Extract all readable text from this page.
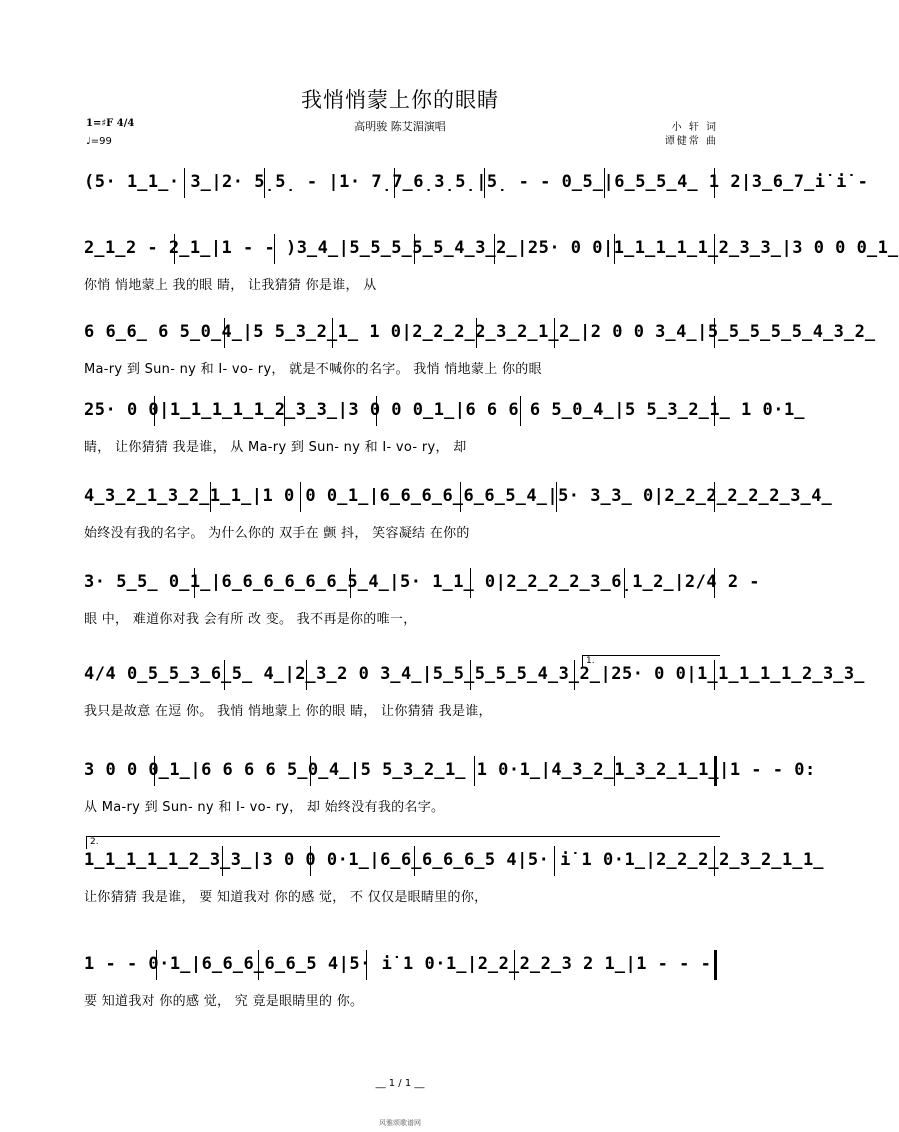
我悄悄蒙上你的眼睛
高明骏 陈艾湄演唱
1=♯F 4/4
♩=99
小 轩 词
谭健常 曲
(5· 1̲1̲· 3̲|2· 5̣5̣ - |1· 7̣7̲6̣3̣5̣|5̣ - - 0̲5̲|6̲5̲5̲4̲ 1 2|3̲6̲7̲i̇ i̇ -
2̲1̲2 - 2̲1̲|1 - - )3̲4̲|5̲5̲5̲5̲5̲4̲3̲2̲|25· 0 0|1̲1̲1̲1̲1̲2̲3̲3̲|3 0 0 0̲1̲
你悄 悄地蒙上 我的眼 睛， 让我猜猜 你是谁， 从
6 6̲6̲ 6 5̲0̲4̲|5 5̲3̲2̲1̲ 1 0|2̲2̲2̲2̲3̲2̲1̲2̲|2 0 0 3̲4̲|5̲5̲5̲5̲5̲4̲3̲2̲
Ma-ry 到 Sun- ny 和 I- vo- ry， 就是不喊你的名字。 我悄 悄地蒙上 你的眼
25· 0 0|1̲1̲1̲1̲1̲2̲3̲3̲|3 0 0 0̲1̲|6 6 6 6 5̲0̲4̲|5 5̲3̲2̲1̲ 1 0·1̲
睛， 让你猜猜 我是谁， 从 Ma-ry 到 Sun- ny 和 I- vo- ry， 却
4̲3̲2̲1̲3̲2̲1̲1̲|1 0 0 0̲1̲|6̲6̲6̲6̲6̲6̲5̲4̲|5· 3̲3̲ 0|2̲2̲2̲2̲2̲2̲3̲4̲
始终没有我的名字。 为什么你的 双手在 颤 抖， 笑容凝结 在你的
3· 5̲5̲ 0̲1̲|6̲6̲6̲6̲6̲6̲5̲4̲|5· 1̲1̲ 0|2̲2̲2̲2̲3̲6̣1̲2̲|2/4 2 -
眼 中， 难道你对我 会有所 改 变。 我不再是你的唯一，
4/4 0̲5̲5̲3̲6̲5̲ 4̲|2̲3̲2 0 3̲4̲|5̲5̲5̲5̲5̲4̲3̲2̲|25· 0 0|1̲1̲1̲1̲1̲2̲3̲3̲
我只是故意 在逗 你。 我悄 悄地蒙上 你的眼 睛， 让你猜猜 我是谁，
3 0 0 0̲1̲|6 6 6 6 5̲0̲4̲|5 5̲3̲2̲1̲ 1 0·1̲|4̲3̲2̲1̲3̲2̲1̲1̲|1 - - 0:
从 Ma-ry 到 Sun- ny 和 I- vo- ry， 却 始终没有我的名字。
1̲1̲1̲1̲1̲2̲3̲3̲|3 0 0 0·1̲|6̲6̲6̲6̲6̲5 4|5· i̇ 1 0·1̲|2̲2̲2̲2̲3̲2̲1̲1̲
让你猜猜 我是谁， 要 知道我对 你的感 觉， 不 仅仅是眼睛里的你，
1 - - 0·1̲|6̲6̲6̲6̲6̲5 4|5· i̇ 1 0·1̲|2̲2̲2̲2̲3 2 1̲|1 - - -
要 知道我对 你的感 觉， 究 竟是眼睛里的 你。
1.
2.
__ 1 / 1 __
风雅颂歌谱网
